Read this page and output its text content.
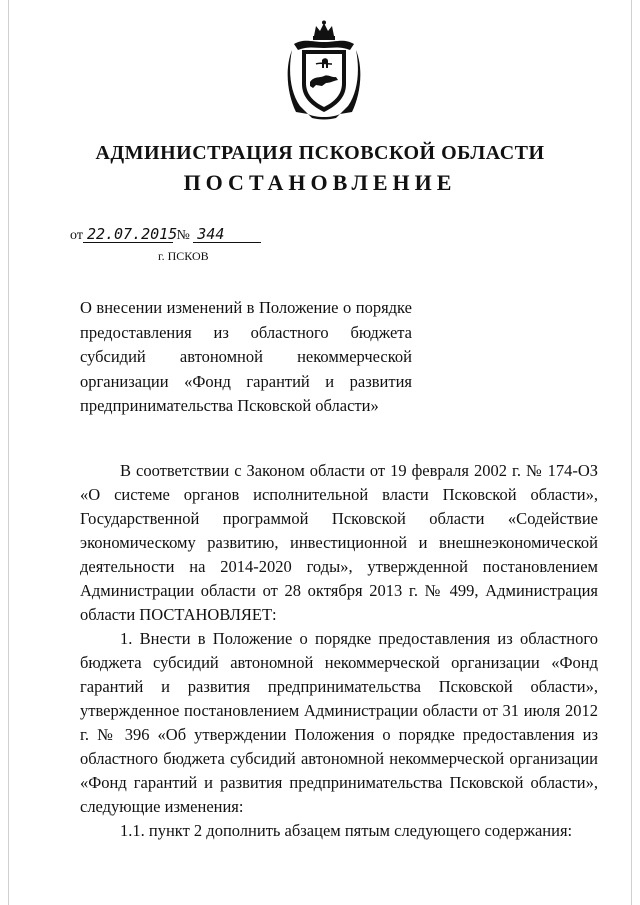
АДМИНИСТРАЦИЯ ПСКОВСКОЙ ОБЛАСТИ
ПОСТАНОВЛЕНИЕ
от 22.07.2015 № 344
г. ПСКОВ

О внесении изменений в Положение о порядке предоставления из областного бюджета субсидий автономной некоммерческой организации «Фонд гарантий и развития предпринимательства Псковской области»

В соответствии с Законом области от 19 февраля 2002 г. № 174-ОЗ «О системе органов исполнительной власти Псковской области», Государственной программой Псковской области «Содействие экономическому развитию, инвестиционной и внешнеэкономической деятельности на 2014-2020 годы», утвержденной постановлением Администрации области от 28 октября 2013 г. № 499, Администрация области ПОСТАНОВЛЯЕТ:

1. Внести в Положение о порядке предоставления из областного бюджета субсидий автономной некоммерческой организации «Фонд гарантий и развития предпринимательства Псковской области», утвержденное постановлением Администрации области от 31 июля 2012 г. № 396 «Об утверждении Положения о порядке предоставления из областного бюджета субсидий автономной некоммерческой организации «Фонд гарантий и развития предпринимательства Псковской области», следующие изменения:

1.1. пункт 2 дополнить абзацем пятым следующего содержания:
